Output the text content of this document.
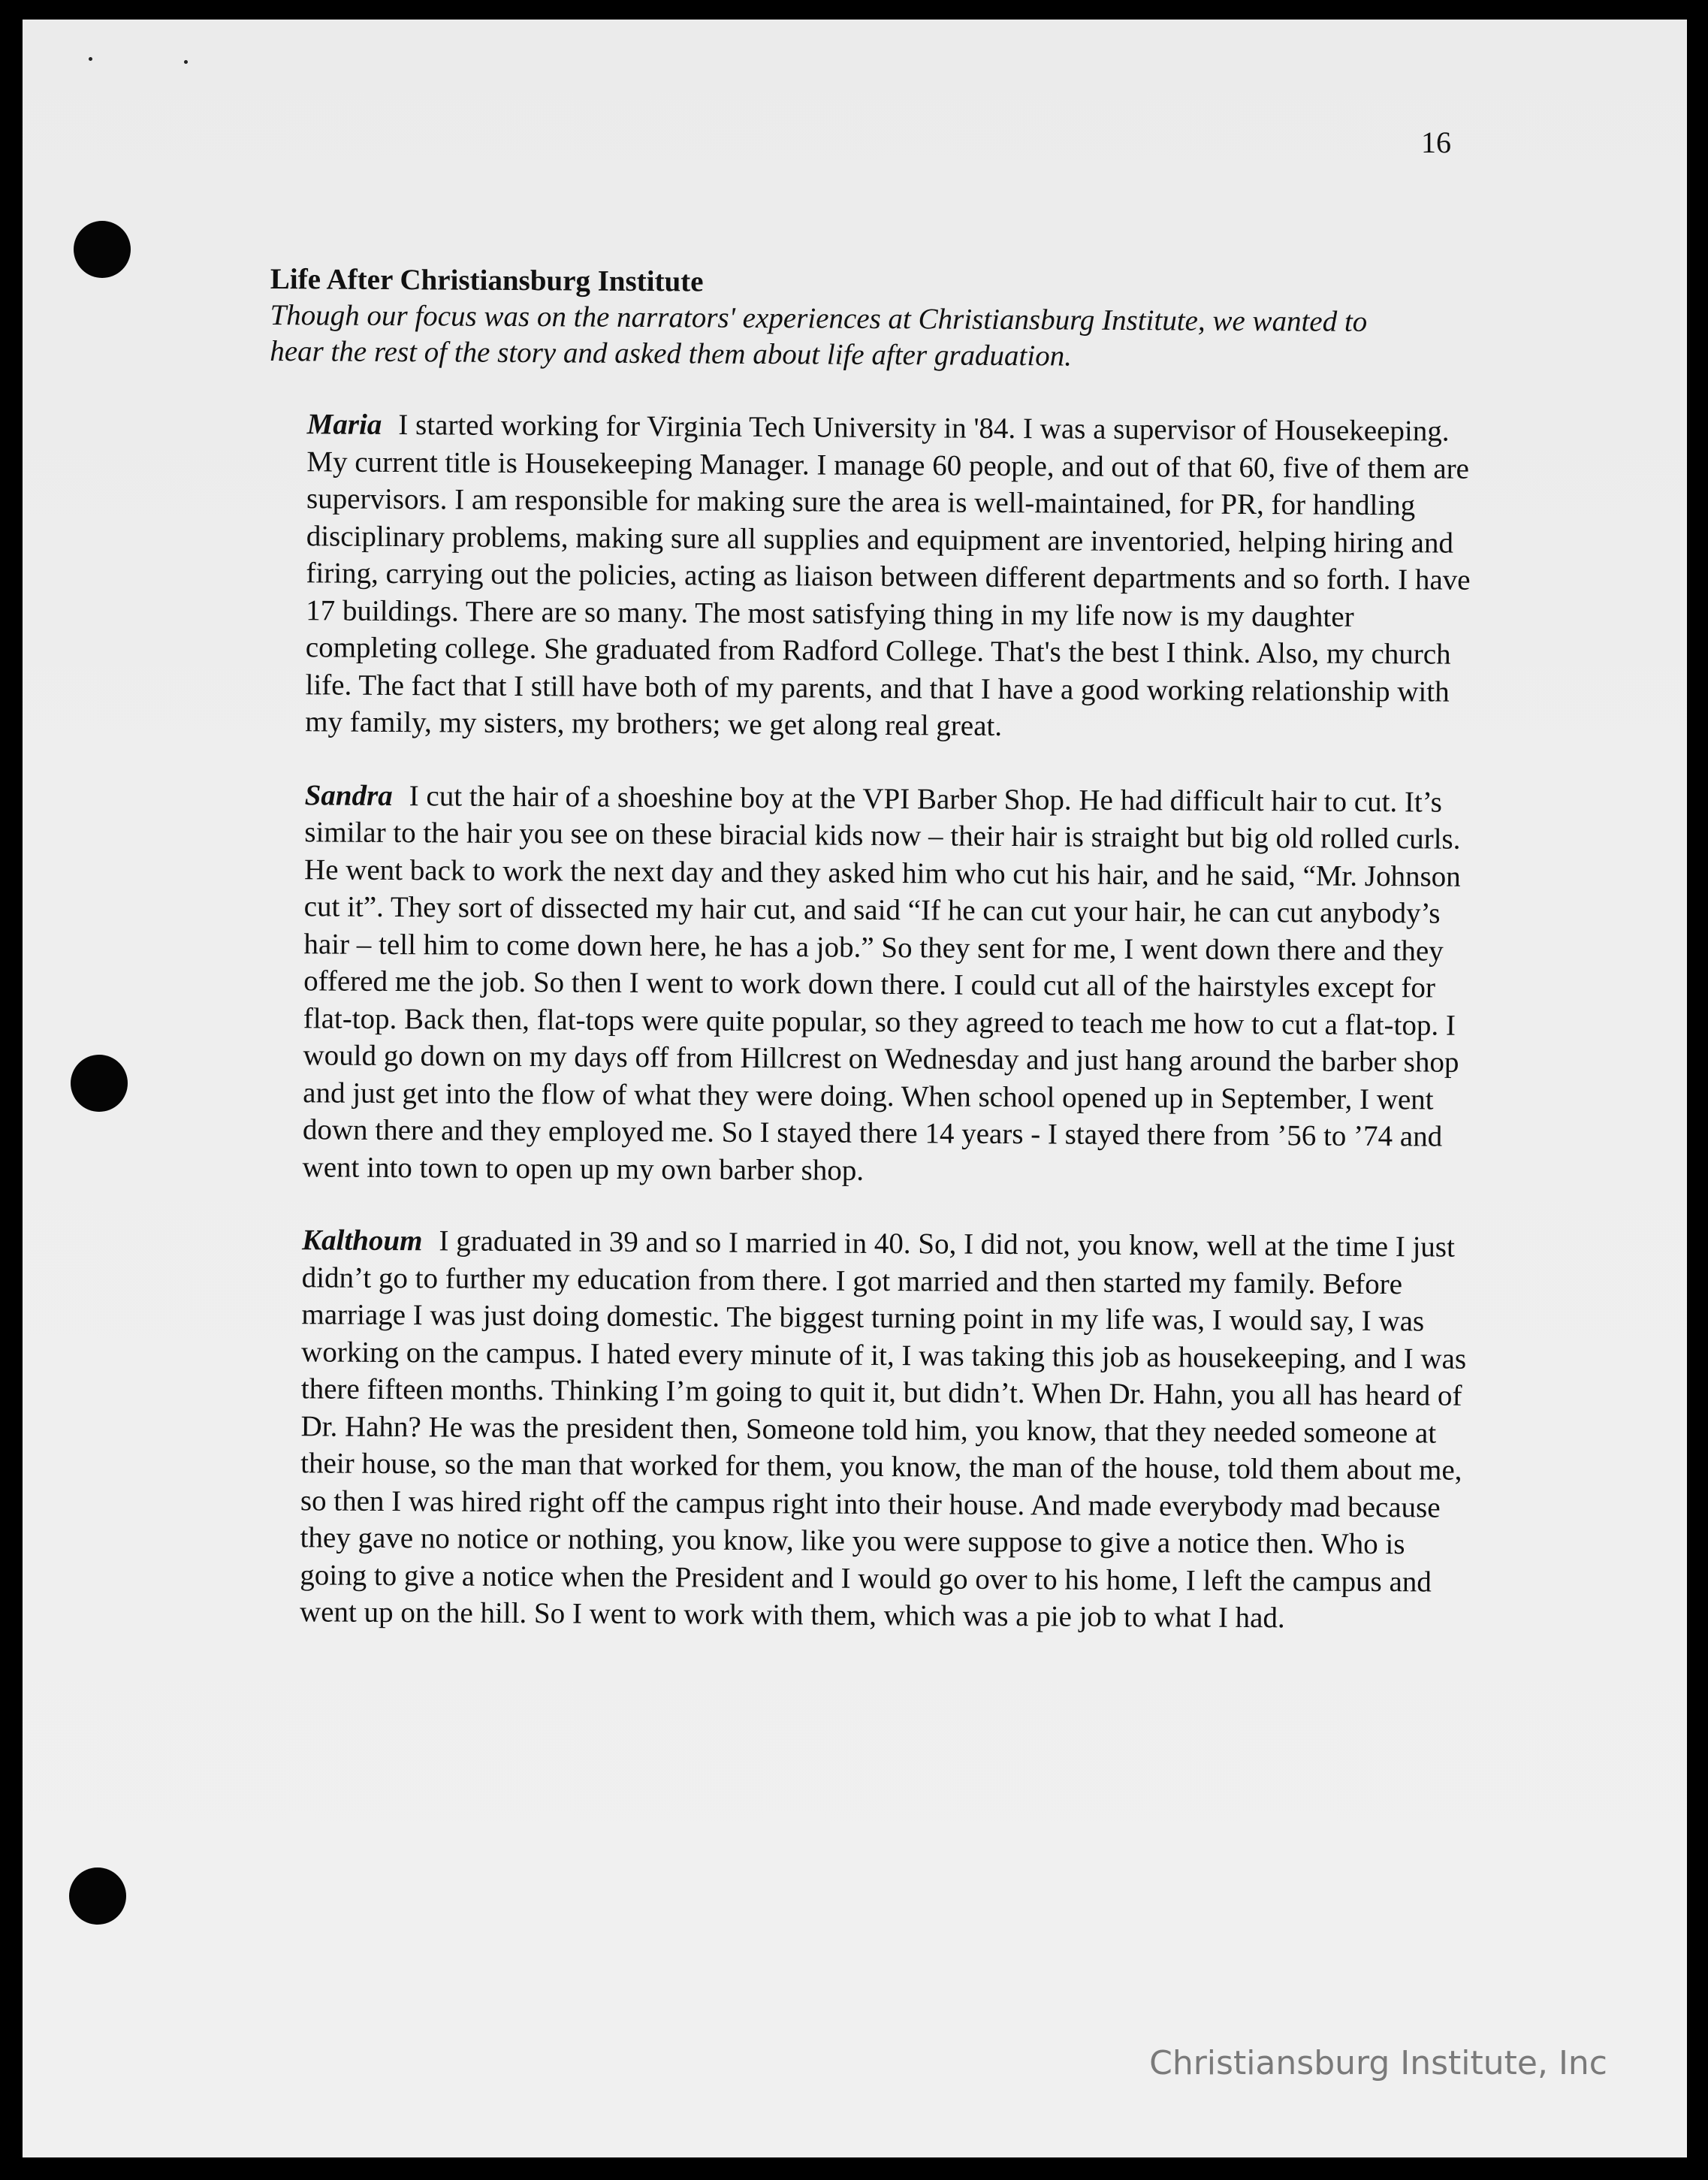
16

Life After Christiansburg Institute

Though our focus was on the narrators' experiences at Christiansburg Institute, we wanted to hear the rest of the story and asked them about life after graduation.

Maria I started working for Virginia Tech University in '84. I was a supervisor of Housekeeping. My current title is Housekeeping Manager. I manage 60 people, and out of that 60, five of them are supervisors. I am responsible for making sure the area is well-maintained, for PR, for handling disciplinary problems, making sure all supplies and equipment are inventoried, helping hiring and firing, carrying out the policies, acting as liaison between different departments and so forth. I have 17 buildings. There are so many. The most satisfying thing in my life now is my daughter completing college. She graduated from Radford College. That's the best I think. Also, my church life. The fact that I still have both of my parents, and that I have a good working relationship with my family, my sisters, my brothers; we get along real great.

Sandra I cut the hair of a shoeshine boy at the VPI Barber Shop. He had difficult hair to cut. It’s similar to the hair you see on these biracial kids now – their hair is straight but big old rolled curls. He went back to work the next day and they asked him who cut his hair, and he said, “Mr. Johnson cut it”. They sort of dissected my hair cut, and said “If he can cut your hair, he can cut anybody’s hair – tell him to come down here, he has a job.” So they sent for me, I went down there and they offered me the job. So then I went to work down there. I could cut all of the hairstyles except for flat-top. Back then, flat-tops were quite popular, so they agreed to teach me how to cut a flat-top. I would go down on my days off from Hillcrest on Wednesday and just hang around the barber shop and just get into the flow of what they were doing. When school opened up in September, I went down there and they employed me. So I stayed there 14 years - I stayed there from ’56 to ’74 and went into town to open up my own barber shop.

Kalthoum I graduated in 39 and so I married in 40. So, I did not, you know, well at the time I just didn’t go to further my education from there. I got married and then started my family. Before marriage I was just doing domestic. The biggest turning point in my life was, I would say, I was working on the campus. I hated every minute of it, I was taking this job as housekeeping, and I was there fifteen months. Thinking I’m going to quit it, but didn’t. When Dr. Hahn, you all has heard of Dr. Hahn? He was the president then, Someone told him, you know, that they needed someone at their house, so the man that worked for them, you know, the man of the house, told them about me, so then I was hired right off the campus right into their house. And made everybody mad because they gave no notice or nothing, you know, like you were suppose to give a notice then. Who is going to give a notice when the President and I would go over to his home, I left the campus and went up on the hill. So I went to work with them, which was a pie job to what I had.

Christiansburg Institute, Inc
